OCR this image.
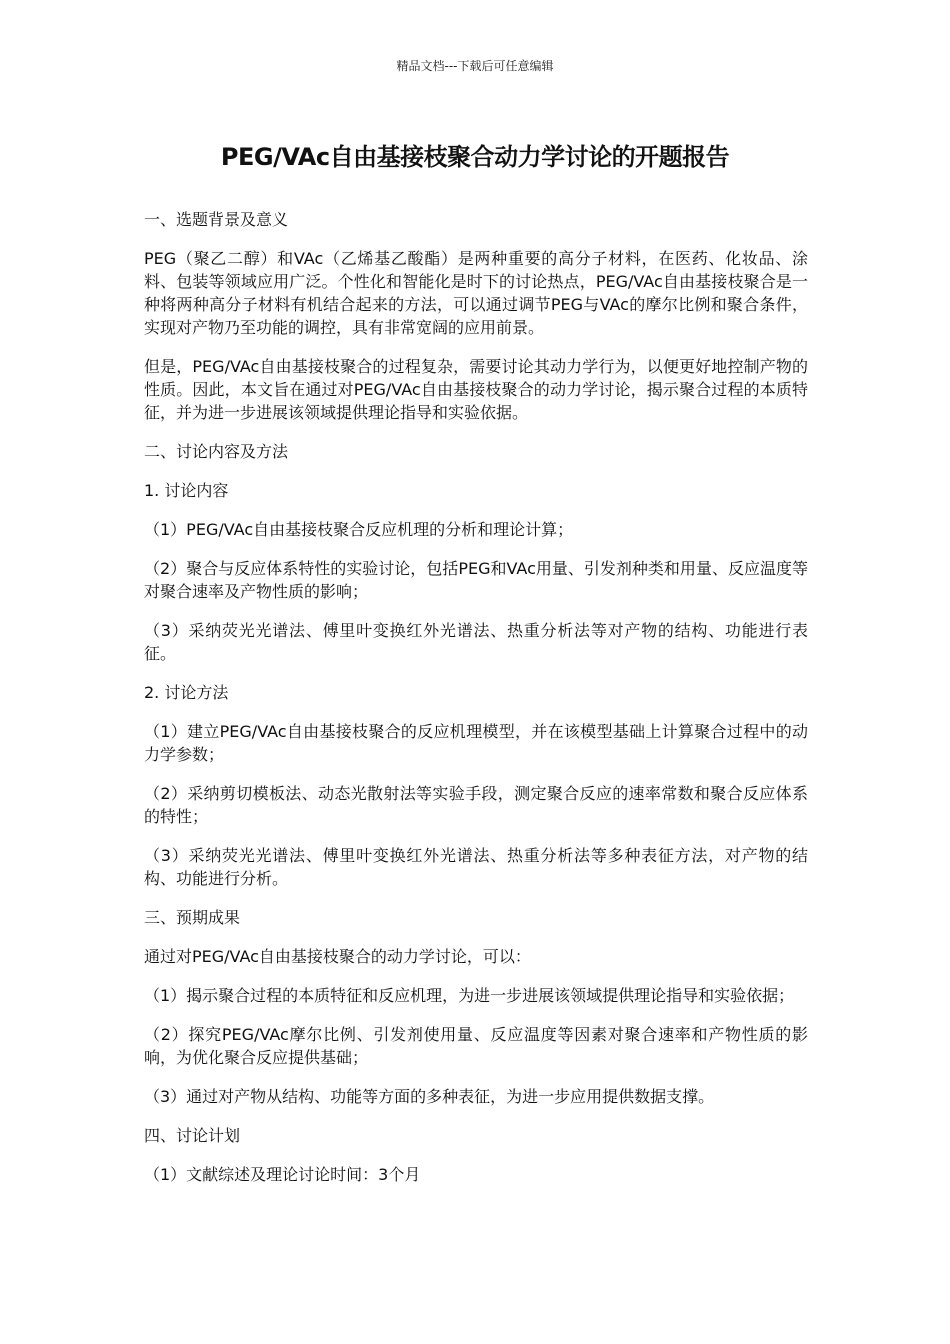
精品文档---下载后可任意编辑
PEG/VAc自由基接枝聚合动力学讨论的开题报告

一、选题背景及意义

PEG（聚乙二醇）和VAc（乙烯基乙酸酯）是两种重要的高分子材料，在医药、化妆品、涂料、包装等领域应用广泛。个性化和智能化是时下的讨论热点，PEG/VAc自由基接枝聚合是一种将两种高分子材料有机结合起来的方法，可以通过调节PEG与VAc的摩尔比例和聚合条件，实现对产物乃至功能的调控，具有非常宽阔的应用前景。

但是，PEG/VAc自由基接枝聚合的过程复杂，需要讨论其动力学行为，以便更好地控制产物的性质。因此，本文旨在通过对PEG/VAc自由基接枝聚合的动力学讨论，揭示聚合过程的本质特征，并为进一步进展该领域提供理论指导和实验依据。

二、讨论内容及方法

1. 讨论内容

（1）PEG/VAc自由基接枝聚合反应机理的分析和理论计算；

（2）聚合与反应体系特性的实验讨论，包括PEG和VAc用量、引发剂种类和用量、反应温度等对聚合速率及产物性质的影响；

（3）采纳荧光光谱法、傅里叶变换红外光谱法、热重分析法等对产物的结构、功能进行表征。

2. 讨论方法

（1）建立PEG/VAc自由基接枝聚合的反应机理模型，并在该模型基础上计算聚合过程中的动力学参数；

（2）采纳剪切模板法、动态光散射法等实验手段，测定聚合反应的速率常数和聚合反应体系的特性；

（3）采纳荧光光谱法、傅里叶变换红外光谱法、热重分析法等多种表征方法，对产物的结构、功能进行分析。

三、预期成果

通过对PEG/VAc自由基接枝聚合的动力学讨论，可以：

（1）揭示聚合过程的本质特征和反应机理，为进一步进展该领域提供理论指导和实验依据；

（2）探究PEG/VAc摩尔比例、引发剂使用量、反应温度等因素对聚合速率和产物性质的影响，为优化聚合反应提供基础；

（3）通过对产物从结构、功能等方面的多种表征，为进一步应用提供数据支撑。

四、讨论计划

（1）文献综述及理论讨论时间：3个月
